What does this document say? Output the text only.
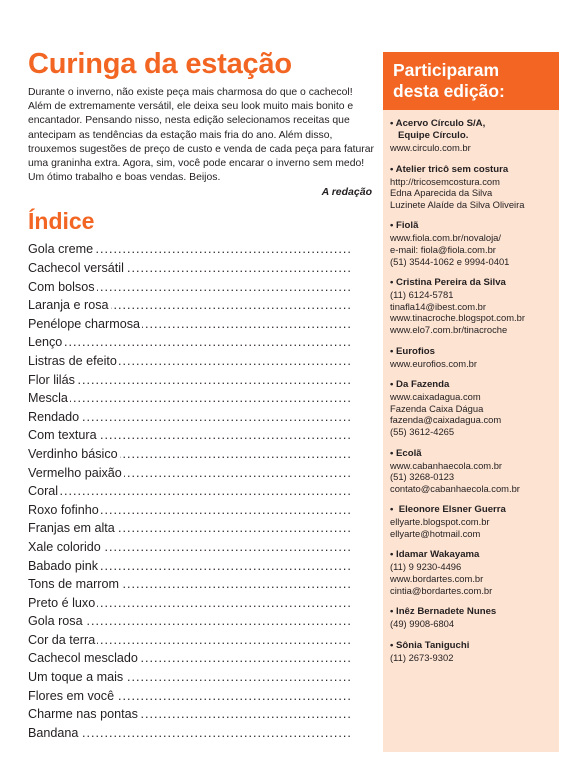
Curinga da estação
Durante o inverno, não existe peça mais charmosa do que o cachecol! Além de extremamente versátil, ele deixa seu look muito mais bonito e encantador. Pensando nisso, nesta edição selecionamos receitas que antecipam as tendências da estação mais fria do ano. Além disso, trouxemos sugestões de preço de custo e venda de cada peça para faturar uma graninha extra. Agora, sim, você pode encarar o inverno sem medo! Um ótimo trabalho e boas vendas. Beijos.
A redação
Índice
Gola creme .....
Cachecol versátil .....
Com bolsos .....
Laranja e rosa .....
Penélope charmosa .....
Lenço .....
Listras de efeito .....
Flor lilás .....
Mescla .....
Rendado .....
Com textura .....
Verdinho básico .....
Vermelho paixão .....
Coral .....
Roxo fofinho .....
Franjas em alta .....
Xale colorido .....
Babado pink .....
Tons de marrom .....
Preto é luxo .....
Gola rosa .....
Cor da terra .....
Cachecol mesclado .....
Um toque a mais .....
Flores em você .....
Charme nas pontas .....
Bandana .....
Participaram
desta edição:
• Acervo Círculo S/A,
Equipe Círculo.
www.circulo.com.br
• Atelier tricô sem costura
http://tricosemcostura.com
Edna Aparecida da Silva
Luzinete Alaíde da Silva Oliveira
• Fiolã
www.fiola.com.br/novaloja/
e-mail: fiola@fiola.com.br
(51) 3544-1062 e 9994-0401
• Cristina Pereira da Silva
(11) 6124-5781
tinafla14@ibest.com.br
www.tinacroche.blogspot.com.br
www.elo7.com.br/tinacroche
• Eurofios
www.eurofios.com.br
• Da Fazenda
www.caixadagua.com
Fazenda Caixa Dágua
fazenda@caixadagua.com
(55) 3612-4265
• Ecolã
www.cabanhaecola.com.br
(51) 3268-0123
contato@cabanhaecola.com.br
•  Eleonore Elsner Guerra
ellyarte.blogspot.com.br
ellyarte@hotmail.com
• Idamar Wakayama
(11) 9 9230-4496
www.bordartes.com.br
cintia@bordartes.com.br
• Inêz Bernadete Nunes
(49) 9908-6804
• Sônia Taniguchi
(11) 2673-9302
